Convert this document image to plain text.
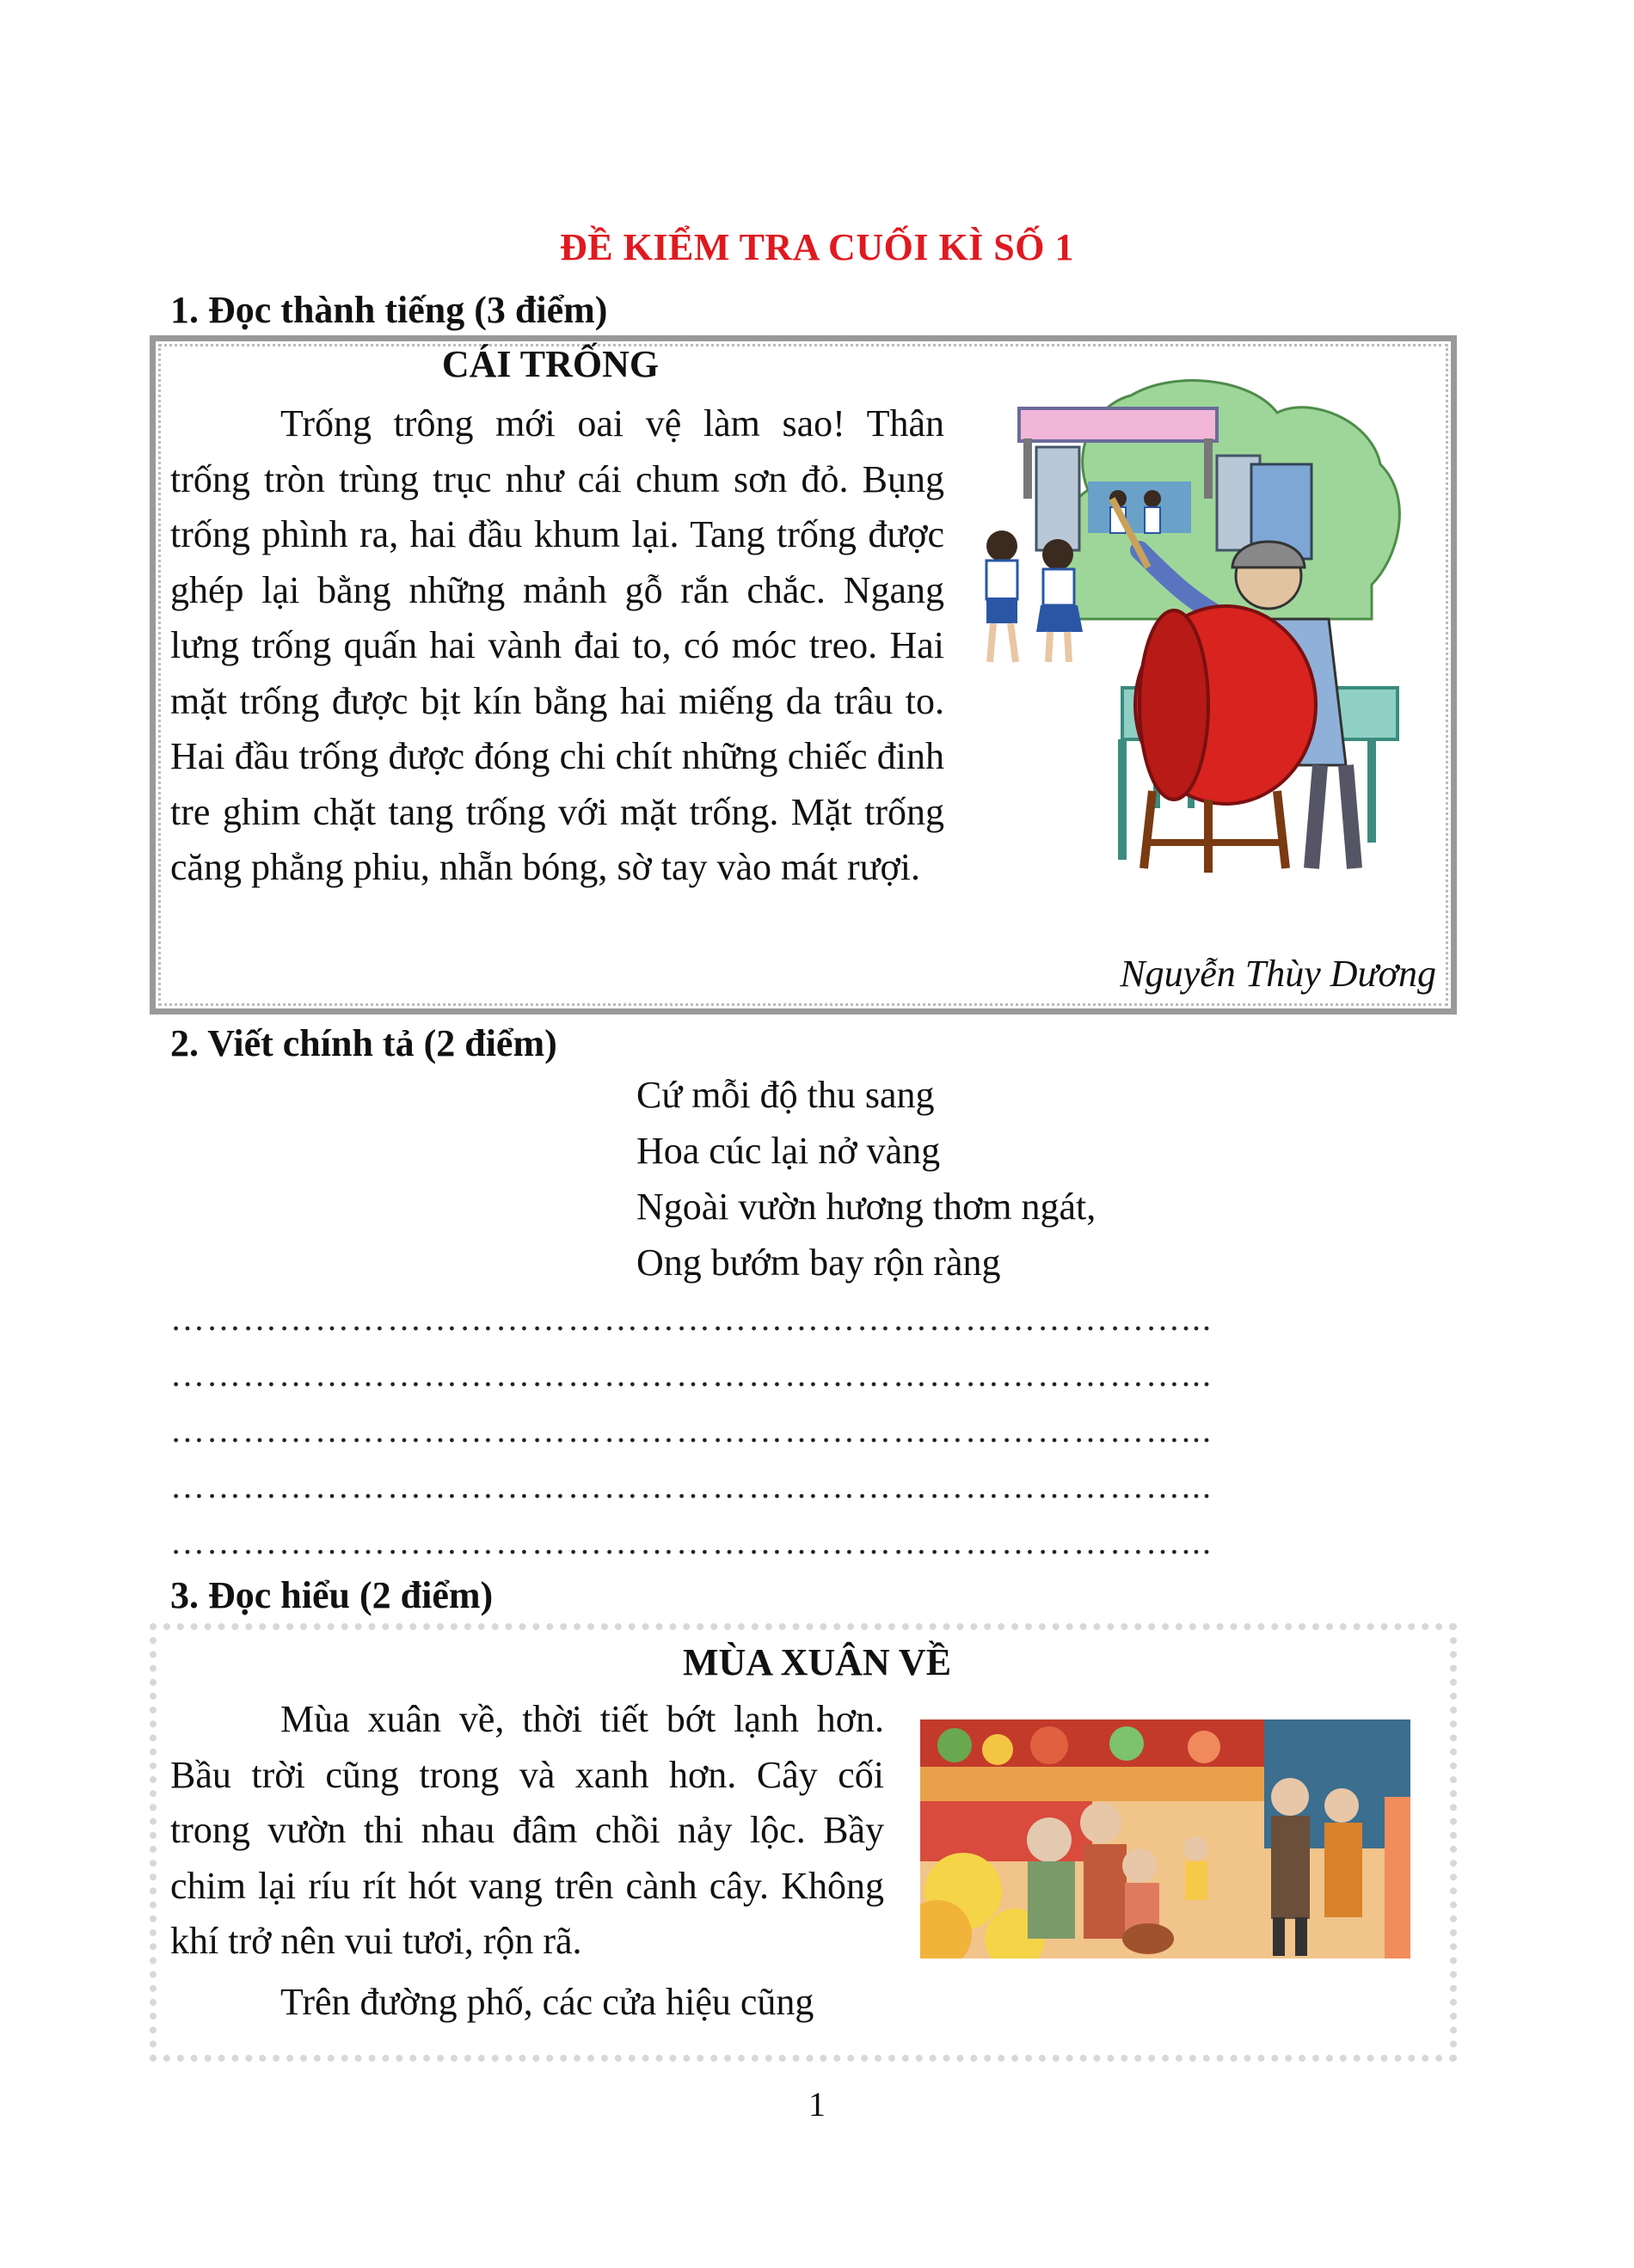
ĐỀ KIỂM TRA CUỐI KÌ SỐ 1
1. Đọc thành tiếng (3 điểm)
CÁI TRỐNG

Trống trông mới oai vệ làm sao! Thân trống tròn trùng trục như cái chum sơn đỏ. Bụng trống phình ra, hai đầu khum lại. Tang trống được ghép lại bằng những mảnh gỗ rắn chắc. Ngang lưng trống quấn hai vành đai to, có móc treo. Hai mặt trống được bịt kín bằng hai miếng da trâu to. Hai đầu trống được đóng chi chít những chiếc đinh tre ghim chặt tang trống với mặt trống. Mặt trống căng phẳng phiu, nhẵn bóng, sờ tay vào mát rượi.

Nguyễn Thùy Dương
2. Viết chính tả (2 điểm)
Cứ mỗi độ thu sang
Hoa cúc lại nở vàng
Ngoài vườn hương thơm ngát,
Ong bướm bay rộn ràng
…………………………………………………………………………...
…………………………………………………………………………...
…………………………………………………………………………...
…………………………………………………………………………...
…………………………………………………………………………...
3. Đọc hiểu (2 điểm)
MÙA XUÂN VỀ

Mùa xuân về, thời tiết bớt lạnh hơn. Bầu trời cũng trong và xanh hơn. Cây cối trong vườn thi nhau đâm chồi nảy lộc. Bầy chim lại ríu rít hót vang trên cành cây. Không khí trở nên vui tươi, rộn rã.

Trên đường phố, các cửa hiệu cũng

1
